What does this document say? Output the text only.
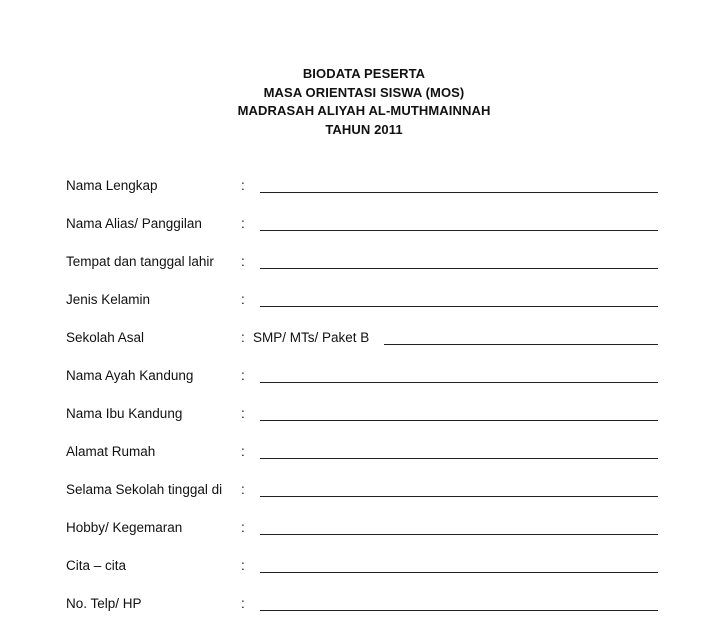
BIODATA PESERTA
MASA ORIENTASI SISWA (MOS)
MADRASAH ALIYAH AL-MUTHMAINNAH
TAHUN 2011
Nama Lengkap	:
Nama Alias/ Panggilan	:
Tempat dan tanggal lahir :
Jenis Kelamin	:
Sekolah Asal	: SMP/ MTs/ Paket B
Nama Ayah Kandung	:
Nama Ibu Kandung	:
Alamat Rumah	:
Selama Sekolah tinggal di :
Hobby/ Kegemaran	:
Cita – cita	:
No. Telp/ HP	:
